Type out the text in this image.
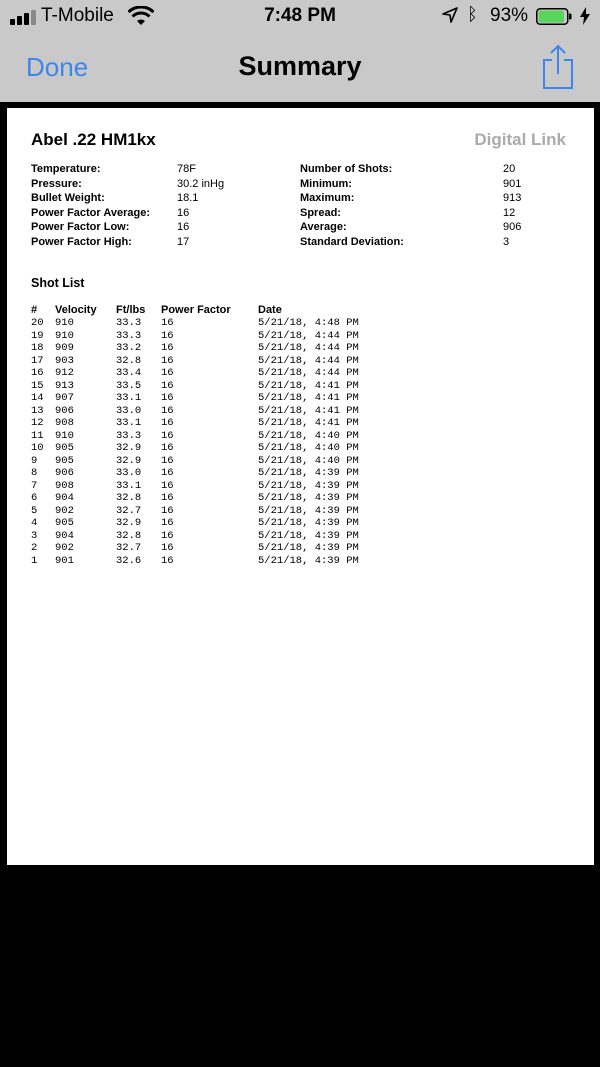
T-Mobile	7:48 PM	ᛒ 93%
Done	Summary
Abel .22 HM1kx	Digital Link
Temperature:	78F
Pressure:	30.2 inHg
Bullet Weight:	18.1
Power Factor Average: 16
Power Factor Low:	16
Power Factor High:	17
Number of Shots:	20
Minimum:	901
Maximum:	913
Spread:	12
Average:	906
Standard Deviation:	3
Shot List
# Velocity Ft/lbs Power Factor Date
20 910	33.3 16	5/21/18, 4:48 PM
19 910	33.3 16	5/21/18, 4:44 PM
18 909	33.2 16	5/21/18, 4:44 PM
17 903	32.8 16	5/21/18, 4:44 PM
16 912	33.4 16	5/21/18, 4:44 PM
15 913	33.5 16	5/21/18, 4:41 PM
14 907	33.1 16	5/21/18, 4:41 PM
13 906	33.0 16	5/21/18, 4:41 PM
12 908	33.1 16	5/21/18, 4:41 PM
11 910	33.3 16	5/21/18, 4:40 PM
10 905	32.9 16	5/21/18, 4:40 PM
9 905	32.9 16	5/21/18, 4:40 PM
8 906	33.0 16	5/21/18, 4:39 PM
7 908	33.1 16	5/21/18, 4:39 PM
6 904	32.8 16	5/21/18, 4:39 PM
5 902	32.7 16	5/21/18, 4:39 PM
4 905	32.9 16	5/21/18, 4:39 PM
3 904	32.8 16	5/21/18, 4:39 PM
2 902	32.7 16	5/21/18, 4:39 PM
1 901	32.6 16	5/21/18, 4:39 PM
